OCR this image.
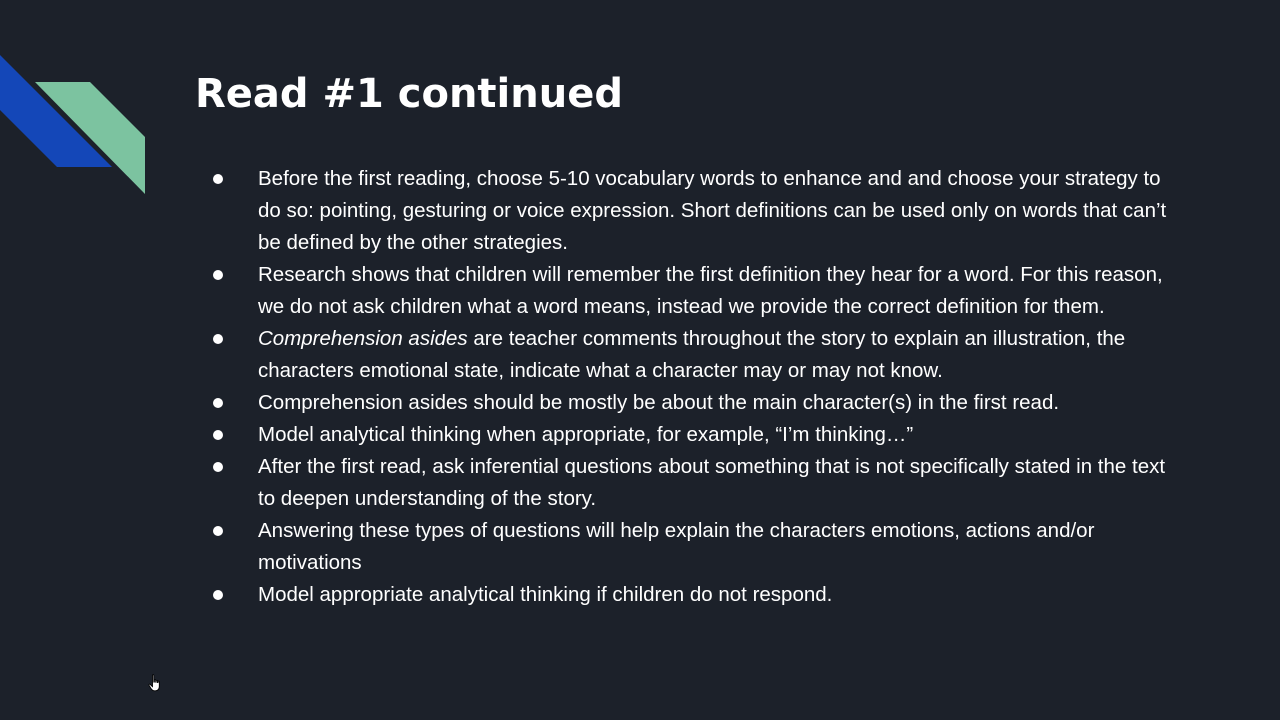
Read #1 continued
Before the first reading, choose 5-10 vocabulary words to enhance and and choose your strategy to do so: pointing, gesturing or voice expression. Short definitions can be used only on words that can’t be defined by the other strategies.
Research shows that children will remember the first definition they hear for a word. For this reason, we do not ask children what a word means, instead we provide the correct definition for them.
Comprehension asides are teacher comments throughout the story to explain an illustration, the characters emotional state, indicate what a character may or may not know.
Comprehension asides should be mostly be about the main character(s) in the first read.
Model analytical thinking when appropriate, for example, “I’m thinking…”
After the first read, ask inferential questions about something that is not specifically stated in the text to deepen understanding of the story.
Answering these types of questions will help explain the characters emotions, actions and/or motivations
Model appropriate analytical thinking if children do not respond.
